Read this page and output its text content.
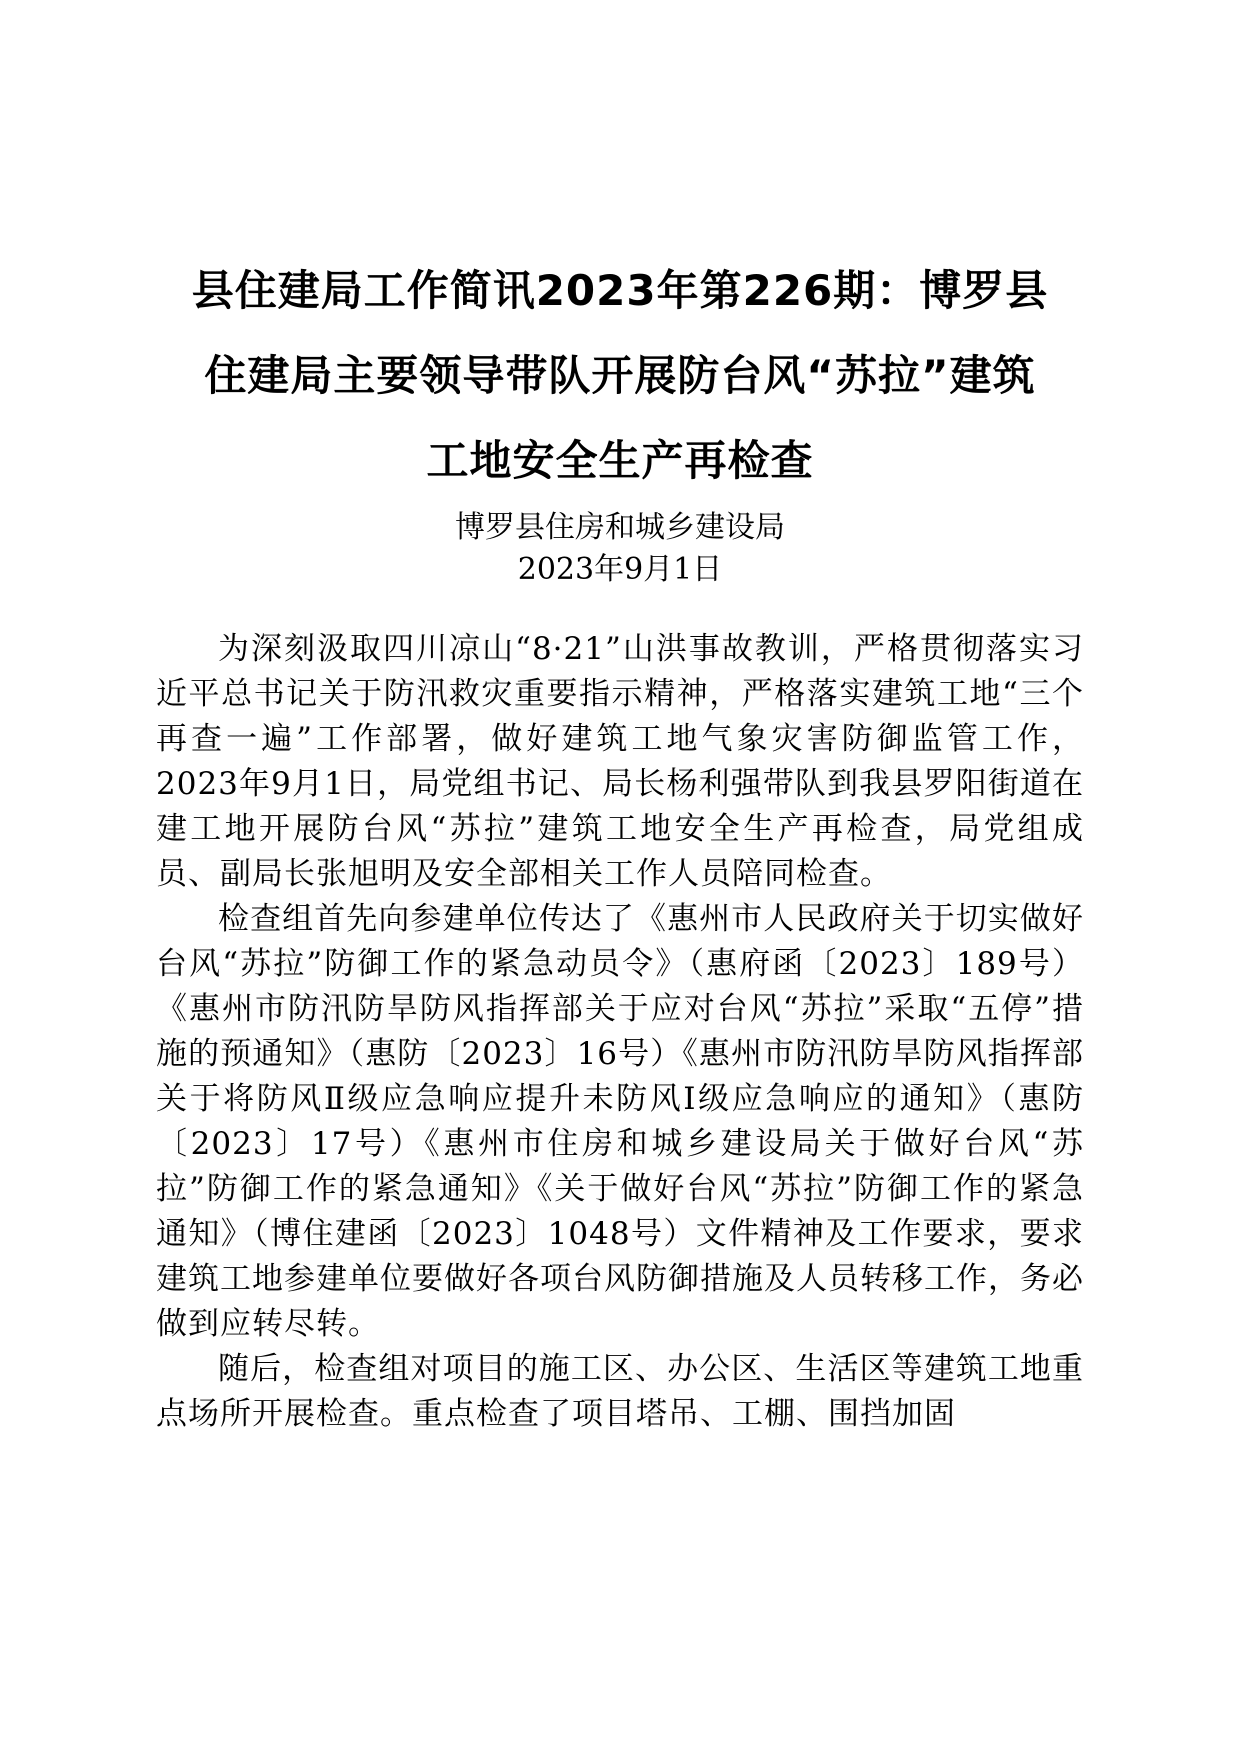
县住建局工作简讯2023年第226期：博罗县
住建局主要领导带队开展防台风“苏拉”建筑
工地安全生产再检查
博罗县住房和城乡建设局
2023年9月1日

为深刻汲取四川凉山“8·21”山洪事故教训，严格贯彻落实习近平总书记关于防汛救灾重要指示精神，严格落实建筑工地“三个再查一遍”工作部署，做好建筑工地气象灾害防御监管工作，2023年9月1日，局党组书记、局长杨利强带队到我县罗阳街道在建工地开展防台风“苏拉”建筑工地安全生产再检查，局党组成员、副局长张旭明及安全部相关工作人员陪同检查。

检查组首先向参建单位传达了《惠州市人民政府关于切实做好台风“苏拉”防御工作的紧急动员令》（惠府函〔2023〕189号）《惠州市防汛防旱防风指挥部关于应对台风“苏拉”采取“五停”措施的预通知》（惠防〔2023〕16号）《惠州市防汛防旱防风指挥部关于将防风Ⅱ级应急响应提升未防风Ⅰ级应急响应的通知》（惠防〔2023〕17号）《惠州市住房和城乡建设局关于做好台风“苏拉”防御工作的紧急通知》《关于做好台风“苏拉”防御工作的紧急通知》（博住建函〔2023〕1048号）文件精神及工作要求，要求建筑工地参建单位要做好各项台风防御措施及人员转移工作，务必做到应转尽转。

随后，检查组对项目的施工区、办公区、生活区等建筑工地重点场所开展检查。重点检查了项目塔吊、工棚、围挡加固
